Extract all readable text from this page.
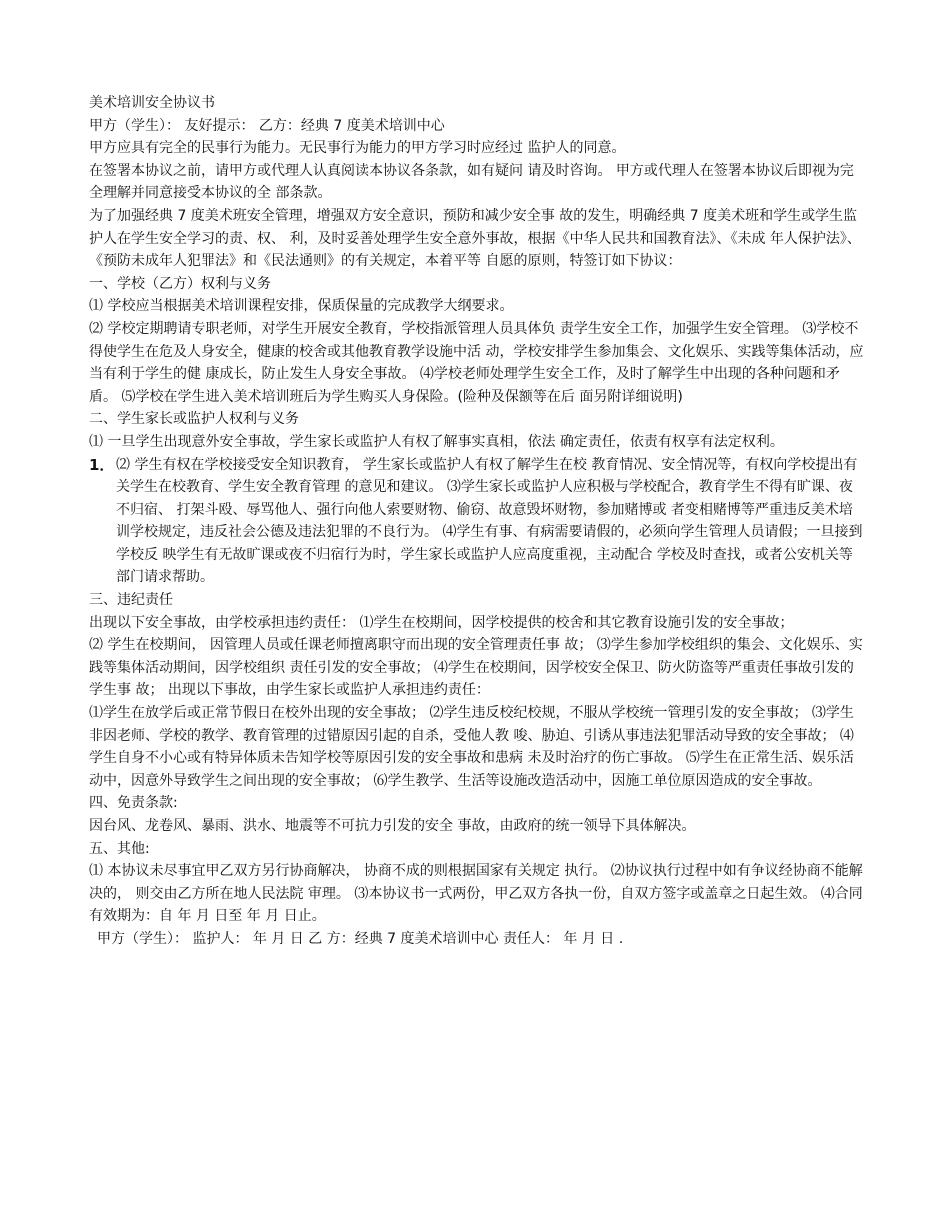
美术培训安全协议书

甲方（学生）： 友好提示： 乙方：经典 7 度美术培训中心

甲方应具有完全的民事行为能力。无民事行为能力的甲方学习时应经过 监护人的同意。

在签署本协议之前，请甲方或代理人认真阅读本协议各条款，如有疑问 请及时咨询。 甲方或代理人在签署本协议后即视为完全理解并同意接受本协议的全 部条款。

为了加强经典 7 度美术班安全管理，增强双方安全意识，预防和减少安全事 故的发生，明确经典 7 度美术班和学生或学生监护人在学生安全学习的责、权、 利，及时妥善处理学生安全意外事故，根据《中华人民共和国教育法》、《未成 年人保护法》、《预防未成年人犯罪法》和《民法通则》的有关规定，本着平等 自愿的原则，特签订如下协议：

一、学校（乙方）权利与义务

⑴ 学校应当根据美术培训课程安排，保质保量的完成教学大纲要求。

⑵ 学校定期聘请专职老师，对学生开展安全教育，学校指派管理人员具体负 责学生安全工作，加强学生安全管理。 ⑶学校不得使学生在危及人身安全，健康的校舍或其他教育教学设施中活 动，学校安排学生参加集会、文化娱乐、实践等集体活动，应当有利于学生的健 康成长，防止发生人身安全事故。 ⑷学校老师处理学生安全工作，及时了解学生中出现的各种问题和矛盾。 ⑸学校在学生进入美术培训班后为学生购买人身保险。(险种及保额等在后 面另附详细说明)

二、学生家长或监护人权利与义务

⑴ 一旦学生出现意外安全事故，学生家长或监护人有权了解事实真相，依法 确定责任，依责有权享有法定权利。

1． ⑵ 学生有权在学校接受安全知识教育， 学生家长或监护人有权了解学生在校 教育情况、安全情况等，有权向学校提出有关学生在校教育、学生安全教育管理 的意见和建议。 ⑶学生家长或监护人应积极与学校配合，教育学生不得有旷课、夜不归宿、 打架斗殴、辱骂他人、强行向他人索要财物、偷窃、故意毁坏财物，参加赌博或 者变相赌博等严重违反美术培训学校规定，违反社会公德及违法犯罪的不良行为。 ⑷学生有事、有病需要请假的，必须向学生管理人员请假；一旦接到学校反 映学生有无故旷课或夜不归宿行为时，学生家长或监护人应高度重视，主动配合 学校及时查找，或者公安机关等部门请求帮助。

三、违纪责任

出现以下安全事故，由学校承担违约责任： ⑴学生在校期间，因学校提供的校舍和其它教育设施引发的安全事故；

⑵ 学生在校期间， 因管理人员或任课老师擅离职守而出现的安全管理责任事 故； ⑶学生参加学校组织的集会、文化娱乐、实践等集体活动期间，因学校组织 责任引发的安全事故； ⑷学生在校期间，因学校安全保卫、防火防盗等严重责任事故引发的学生事 故； 出现以下事故，由学生家长或监护人承担违约责任：

⑴学生在放学后或正常节假日在校外出现的安全事故； ⑵学生违反校纪校规，不服从学校统一管理引发的安全事故； ⑶学生非因老师、学校的教学、教育管理的过错原因引起的自杀，受他人教 唆、胁迫、引诱从事违法犯罪活动导致的安全事故； ⑷学生自身不小心或有特异体质未告知学校等原因引发的安全事故和患病 未及时治疗的伤亡事故。 ⑸学生在正常生活、娱乐活动中，因意外导致学生之间出现的安全事故； ⑹学生教学、生活等设施改造活动中，因施工单位原因造成的安全事故。

四、免责条款:

因台风、龙卷风、暴雨、洪水、地震等不可抗力引发的安全 事故，由政府的统一领导下具体解决。

五、其他:

⑴ 本协议未尽事宜甲乙双方另行协商解决， 协商不成的则根据国家有关规定 执行。 ⑵协议执行过程中如有争议经协商不能解决的， 则交由乙方所在地人民法院 审理。 ⑶本协议书一式两份，甲乙双方各执一份，自双方签字或盖章之日起生效。 ⑷合同有效期为：自 年 月 日至 年 月 日止。

甲方（学生）： 监护人： 年 月 日 乙 方：经典 7 度美术培训中心 责任人： 年 月 日 .
